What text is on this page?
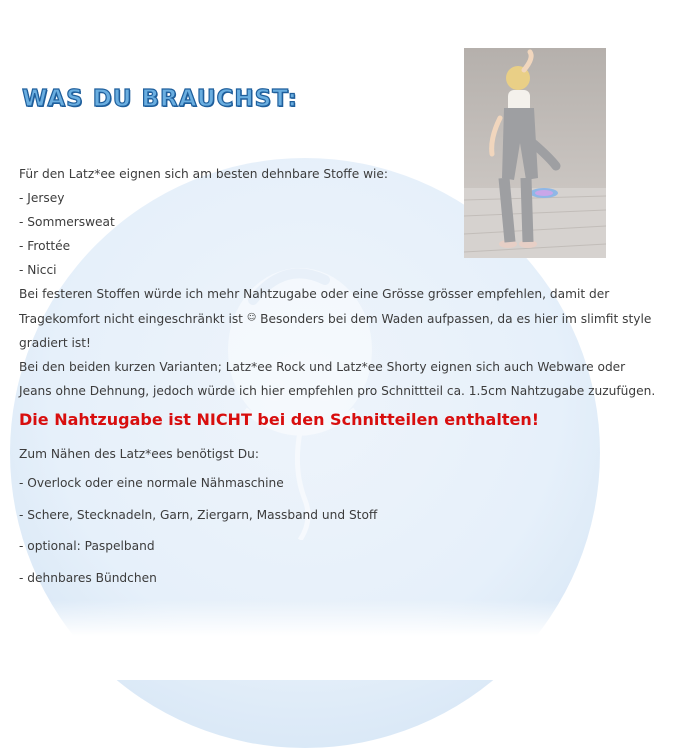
WAS DU BRAUCHST:

Für den Latz*ee eignen sich am besten dehnbare Stoffe wie:

- Jersey
- Sommersweat
- Frottée
- Nicci

Bei festeren Stoffen würde ich mehr Nahtzugabe oder eine Grösse grösser empfehlen, damit der Tragekomfort nicht eingeschränkt ist ☺ Besonders bei dem Waden aufpassen, da es hier im slimfit style gradiert ist!

Bei den beiden kurzen Varianten; Latz*ee Rock und Latz*ee Shorty eignen sich auch Webware oder Jeans ohne Dehnung, jedoch würde ich hier empfehlen pro Schnittteil ca. 1.5cm Nahtzugabe zuzufügen.

Die Nahtzugabe ist NICHT bei den Schnitteilen enthalten!

Zum Nähen des Latz*ees benötigst Du:

- Overlock oder eine normale Nähmaschine
- Schere, Stecknadeln, Garn, Ziergarn, Massband und Stoff
- optional: Paspelband
- dehnbares Bündchen
